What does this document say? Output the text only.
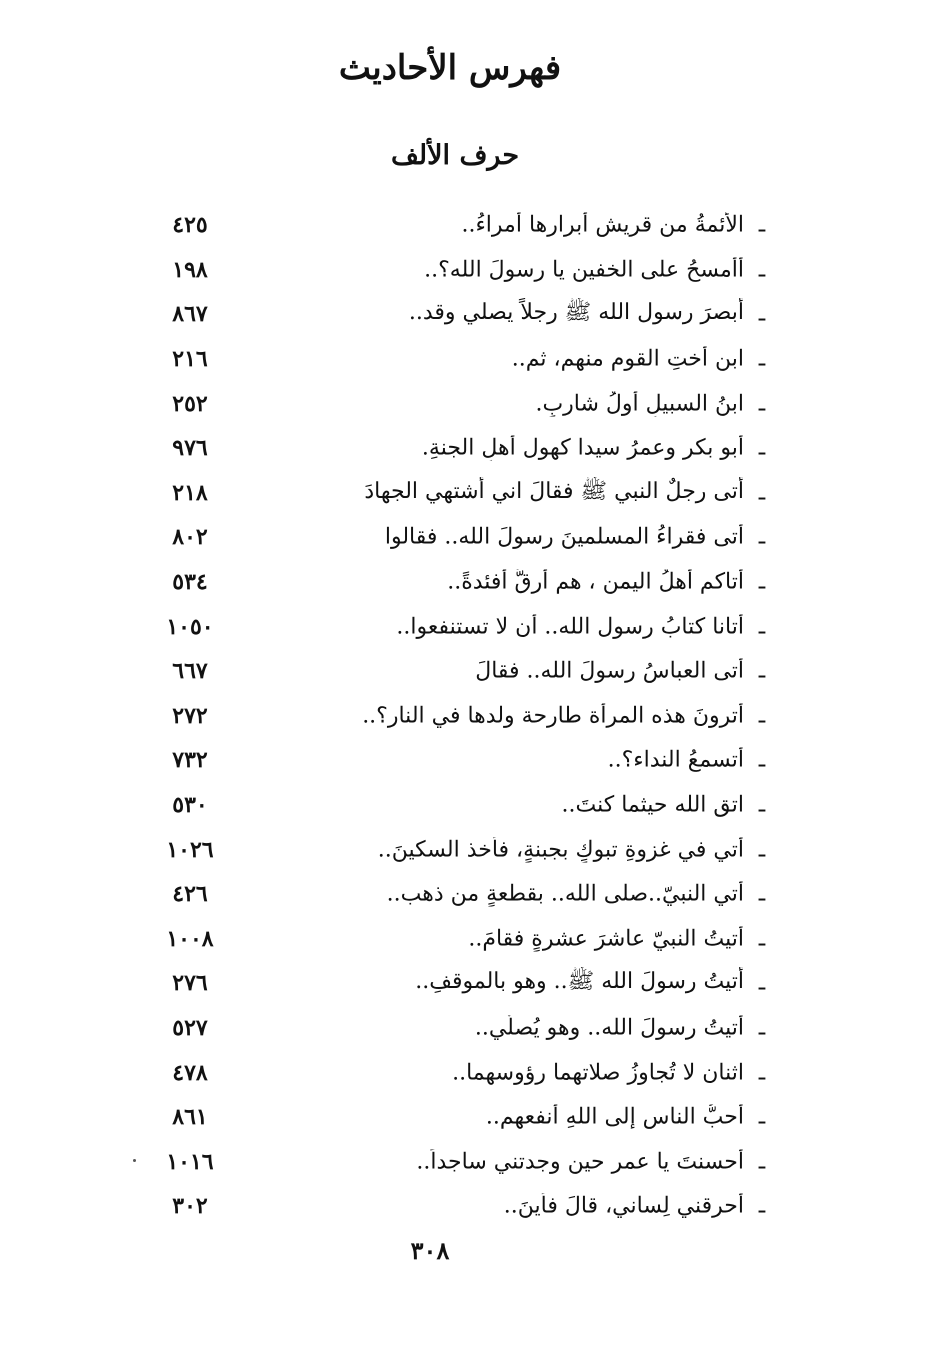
فهرس الأحاديث
حرف الألف
ـ
الأئمةُ من قريش أبرارها أمراءُ..
٤٢٥
ـ
أأمسحُ على الخفين يا رسولَ الله؟..
١٩٨
ـ
أبصرَ رسول الله ﷺ رجلاً يصلي وقد..
٨٦٧
ـ
ابن أختِ القوم منهم، ثم..
٢١٦
ـ
ابنُ السبيلِ أولُ شاربٍ.
٢٥٢
ـ
أبو بكر وعمرُ سيدا كهول أهلِ الجنةِ.
٩٧٦
ـ
أتى رجلٌ النبي ﷺ فقالَ اني أشتهي الجهادَ
٢١٨
ـ
أتى فقراءُ المسلمينَ رسولَ الله.. فقالوا
٨٠٢
ـ
أتاكم أهلُ اليمنِ ، هم أرقُّ أفئدةً..
٥٣٤
ـ
أتانا كتابُ رسول الله.. أن لا تستنفعوا..
١٠٥٠
ـ
أتى العباسُ رسولَ الله.. فقالَ
٦٦٧
ـ
أترونَ هذه المرأة طارحة ولدها في النار؟..
٢٧٢
ـ
أتسمعُ النداء؟..
٧٣٢
ـ
اتق الله حيثما كنتَ..
٥٣٠
ـ
أُتي في غزوةِ تبوكٍ بجبنةٍ، فأخذ السكينَ..
١٠٢٦
ـ
أُتي النبيّ..صلى الله.. بقطعةٍ من ذهب..
٤٢٦
ـ
أتيتُ النبيّ عاشرَ عشرةٍ فقامَ..
١٠٠٨
ـ
أتيتُ رسولَ الله ﷺ.. وهو بالموقفِ..
٢٧٦
ـ
أتيتُ رسولَ الله.. وهو يُصلّي..
٥٢٧
ـ
اثنان لا تُجاوزُ صلاتهما رؤوسهما..
٤٧٨
ـ
أحبُّ الناسِ إلى اللهِ أنفعهم..
٨٦١
ـ
أحسنتَ يا عمر حين وجدتني ساجداً..
١٠١٦
ـ
أحرقني لِساني، قالَ فأينَ..
٣٠٢
٣٠٨
